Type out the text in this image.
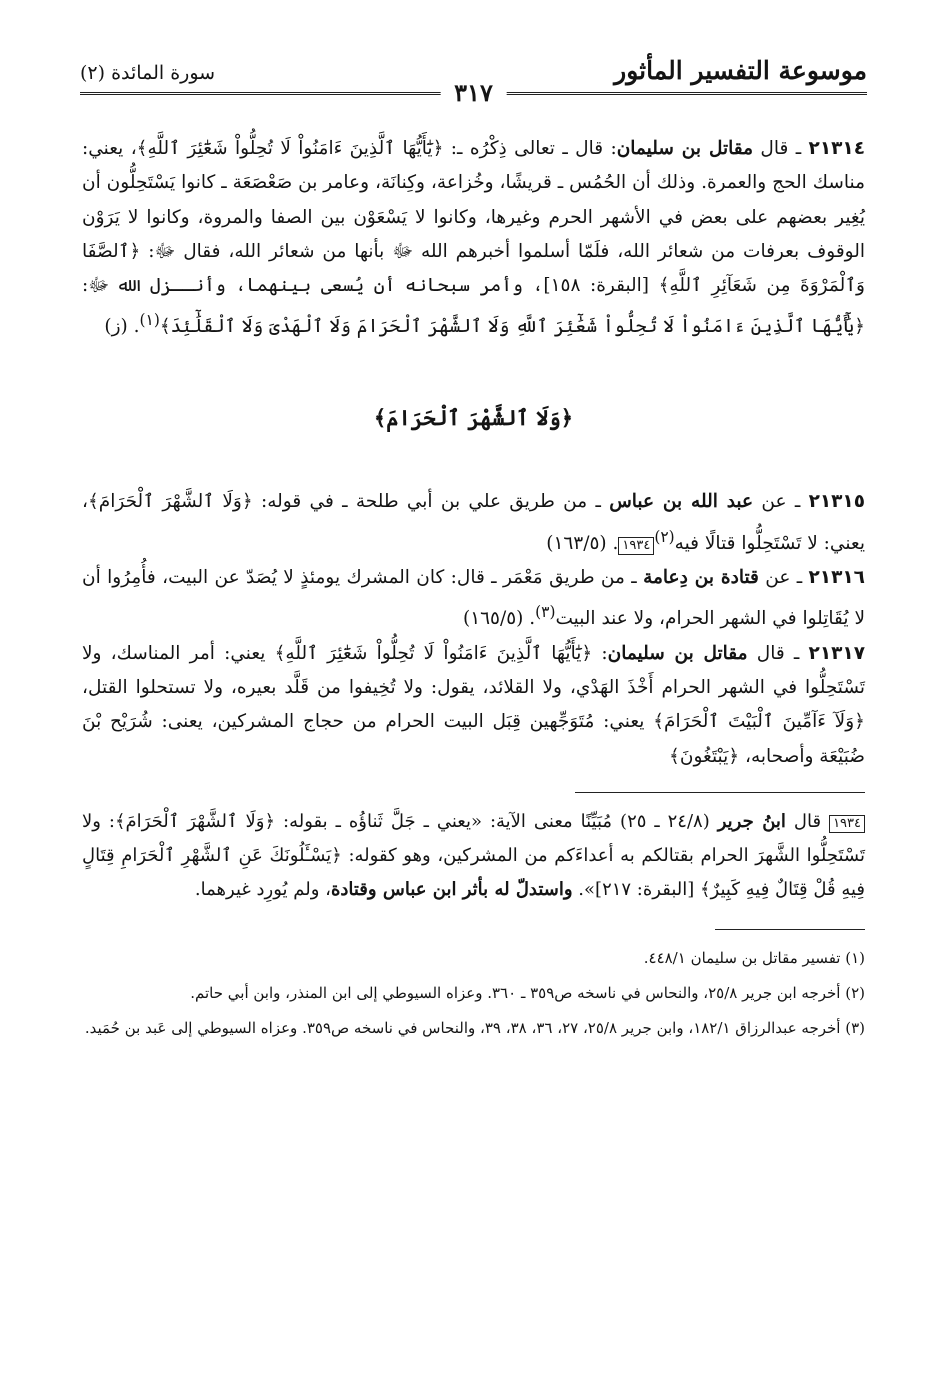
موسوعة التفسير المأثور
سورة المائدة (٢)
٣١٧

٢١٣١٤ ـ قال مقاتل بن سليمان: قال ـ تعالى ذِكْرُه ـ: ﴿يَٰٓأَيُّهَا ٱلَّذِينَ ءَامَنُواْ لَا تُحِلُّواْ شَعَٰٓئِرَ ٱللَّهِ﴾، يعني: مناسك الحج والعمرة. وذلك أن الحُمُس ـ قريشًا، وخُزاعة، وكِنانَة، وعامر بن صَعْصَعَة ـ كانوا يَسْتَحِلُّون أن يُغِير بعضهم على بعض في الأشهر الحرم وغيرها، وكانوا لا يَسْعَوْن بين الصفا والمروة، وكانوا لا يَرَوْن الوقوف بعرفات من شعائر الله، فلَمّا أسلموا أخبرهم الله ﷻ بأنها من شعائر الله، فقال ﷻ: ﴿ٱلصَّفَا وَٱلْمَرْوَةَ مِن شَعَآئِرِ ٱللَّهِ﴾ [البقرة: ١٥٨]، وأمر سبحانه أن يُسعى بينهما، وأنــزل الله ﷻ: ﴿يَٰٓأَيُّهَا ٱلَّذِينَ ءَامَنُواْ لَا تُحِلُّواْ شَعَٰٓئِرَ ٱللَّهِ وَلَا ٱلشَّهْرَ ٱلْحَرَامَ وَلَا ٱلْهَدْىَ وَلَا ٱلْقَلَٰٓئِدَ﴾$^{(١)}$. (ز)

﴿وَلَا ٱلشَّهْرَ ٱلْحَرَامَ﴾

٢١٣١٥ ـ عن عبد الله بن عباس ـ من طريق علي بن أبي طلحة ـ في قوله: ﴿وَلَا ٱلشَّهْرَ ٱلْحَرَامَ﴾، يعني: لا تَسْتَحِلُّوا قتالًا فيه$^{(٢)}$١٩٣٤. (١٦٣/٥)

٢١٣١٦ ـ عن قتادة بن دِعامة ـ من طريق مَعْمَر ـ قال: كان المشرك يومئذٍ لا يُصَدّ عن البيت، فأُمِرُوا أن لا يُقَاتِلوا في الشهر الحرام، ولا عند البيت$^{(٣)}$. (١٦٥/٥)

٢١٣١٧ ـ قال مقاتل بن سليمان: ﴿يَٰٓأَيُّهَا ٱلَّذِينَ ءَامَنُواْ لَا تُحِلُّواْ شَعَٰٓئِرَ ٱللَّهِ﴾ يعني: أمر المناسك، ولا تَسْتَحِلُّوا في الشهر الحرام أَخْذَ الهَدْي، ولا القلائد، يقول: ولا تُخِيفوا من قَلَّد بعيره، ولا تستحلوا القتل، ﴿وَلَآ ءَآمِّينَ ٱلْبَيْتَ ٱلْحَرَامَ﴾ يعني: مُتَوَجِّهين قِبَل البيت الحرام من حجاج المشركين، يعنى: شُرَيْح بْنَ ضُبَيْعَة وأصحابه، ﴿يَبْتَغُونَ﴾

١٩٣٤ قال ابنُ جرير (٢٤/٨ ـ ٢٥) مُبَيِّنًا معنى الآية: «يعني ـ جَلَّ ثَناؤُه ـ بقوله: ﴿وَلَا ٱلشَّهْرَ ٱلْحَرَامَ﴾: ولا تَسْتَحِلُّوا الشَّهرَ الحرام بقتالكم به أعداءَكم من المشركين، وهو كقوله: ﴿يَسْـَٔلُونَكَ عَنِ ٱلشَّهْرِ ٱلْحَرَامِ قِتَالٍ فِيهِ قُلْ قِتَالٌ فِيهِ كَبِيرٌ﴾ [البقرة: ٢١٧]». واستدلّ له بأثر ابن عباس وقتادة، ولم يُورِد غيرهما.

(١) تفسير مقاتل بن سليمان ٤٤٨/١.

(٢) أخرجه ابن جرير ٢٥/٨، والنحاس في ناسخه ص٣٥٩ ـ ٣٦٠. وعزاه السيوطي إلى ابن المنذر، وابن أبي حاتم.

(٣) أخرجه عبدالرزاق ١٨٢/١، وابن جرير ٢٥/٨، ٢٧، ٣٦، ٣٨، ٣٩، والنحاس في ناسخه ص٣٥٩. وعزاه السيوطي إلى عَبد بن حُمَيد.
